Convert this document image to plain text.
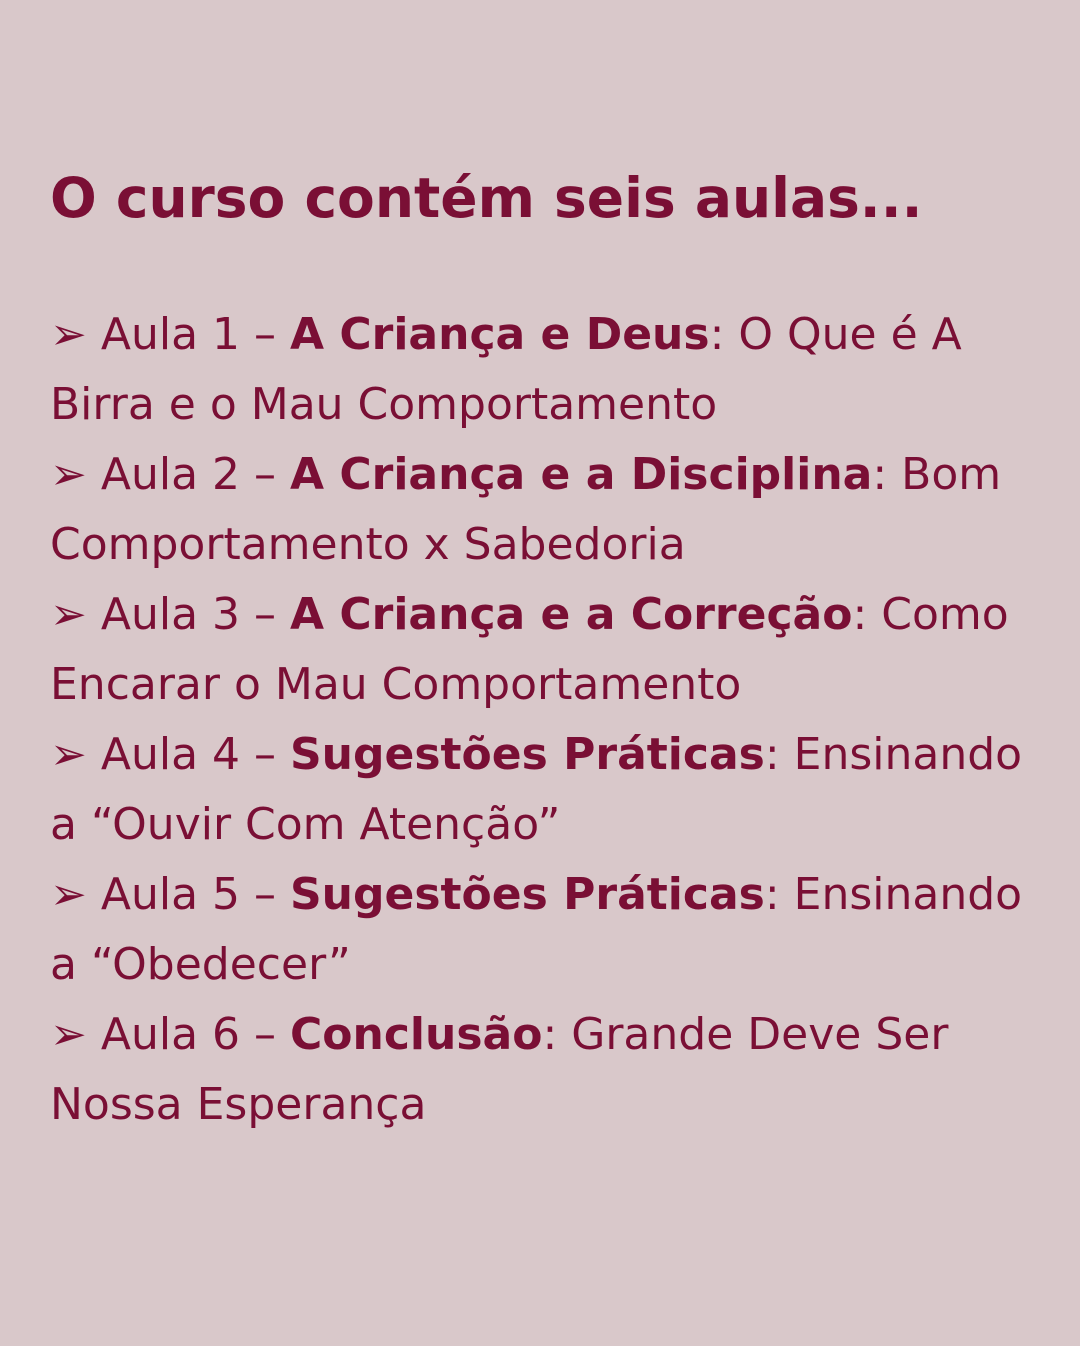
O curso contém seis aulas...
➢ Aula 1 – A Criança e Deus: O Que é A Birra e o Mau Comportamento
➢ Aula 2 – A Criança e a Disciplina: Bom Comportamento x Sabedoria
➢ Aula 3 – A Criança e a Correção: Como Encarar o Mau Comportamento
➢ Aula 4 – Sugestões Práticas: Ensinando a “Ouvir Com Atenção”
➢ Aula 5 – Sugestões Práticas: Ensinando a “Obedecer”
➢ Aula 6 – Conclusão: Grande Deve Ser Nossa Esperança
